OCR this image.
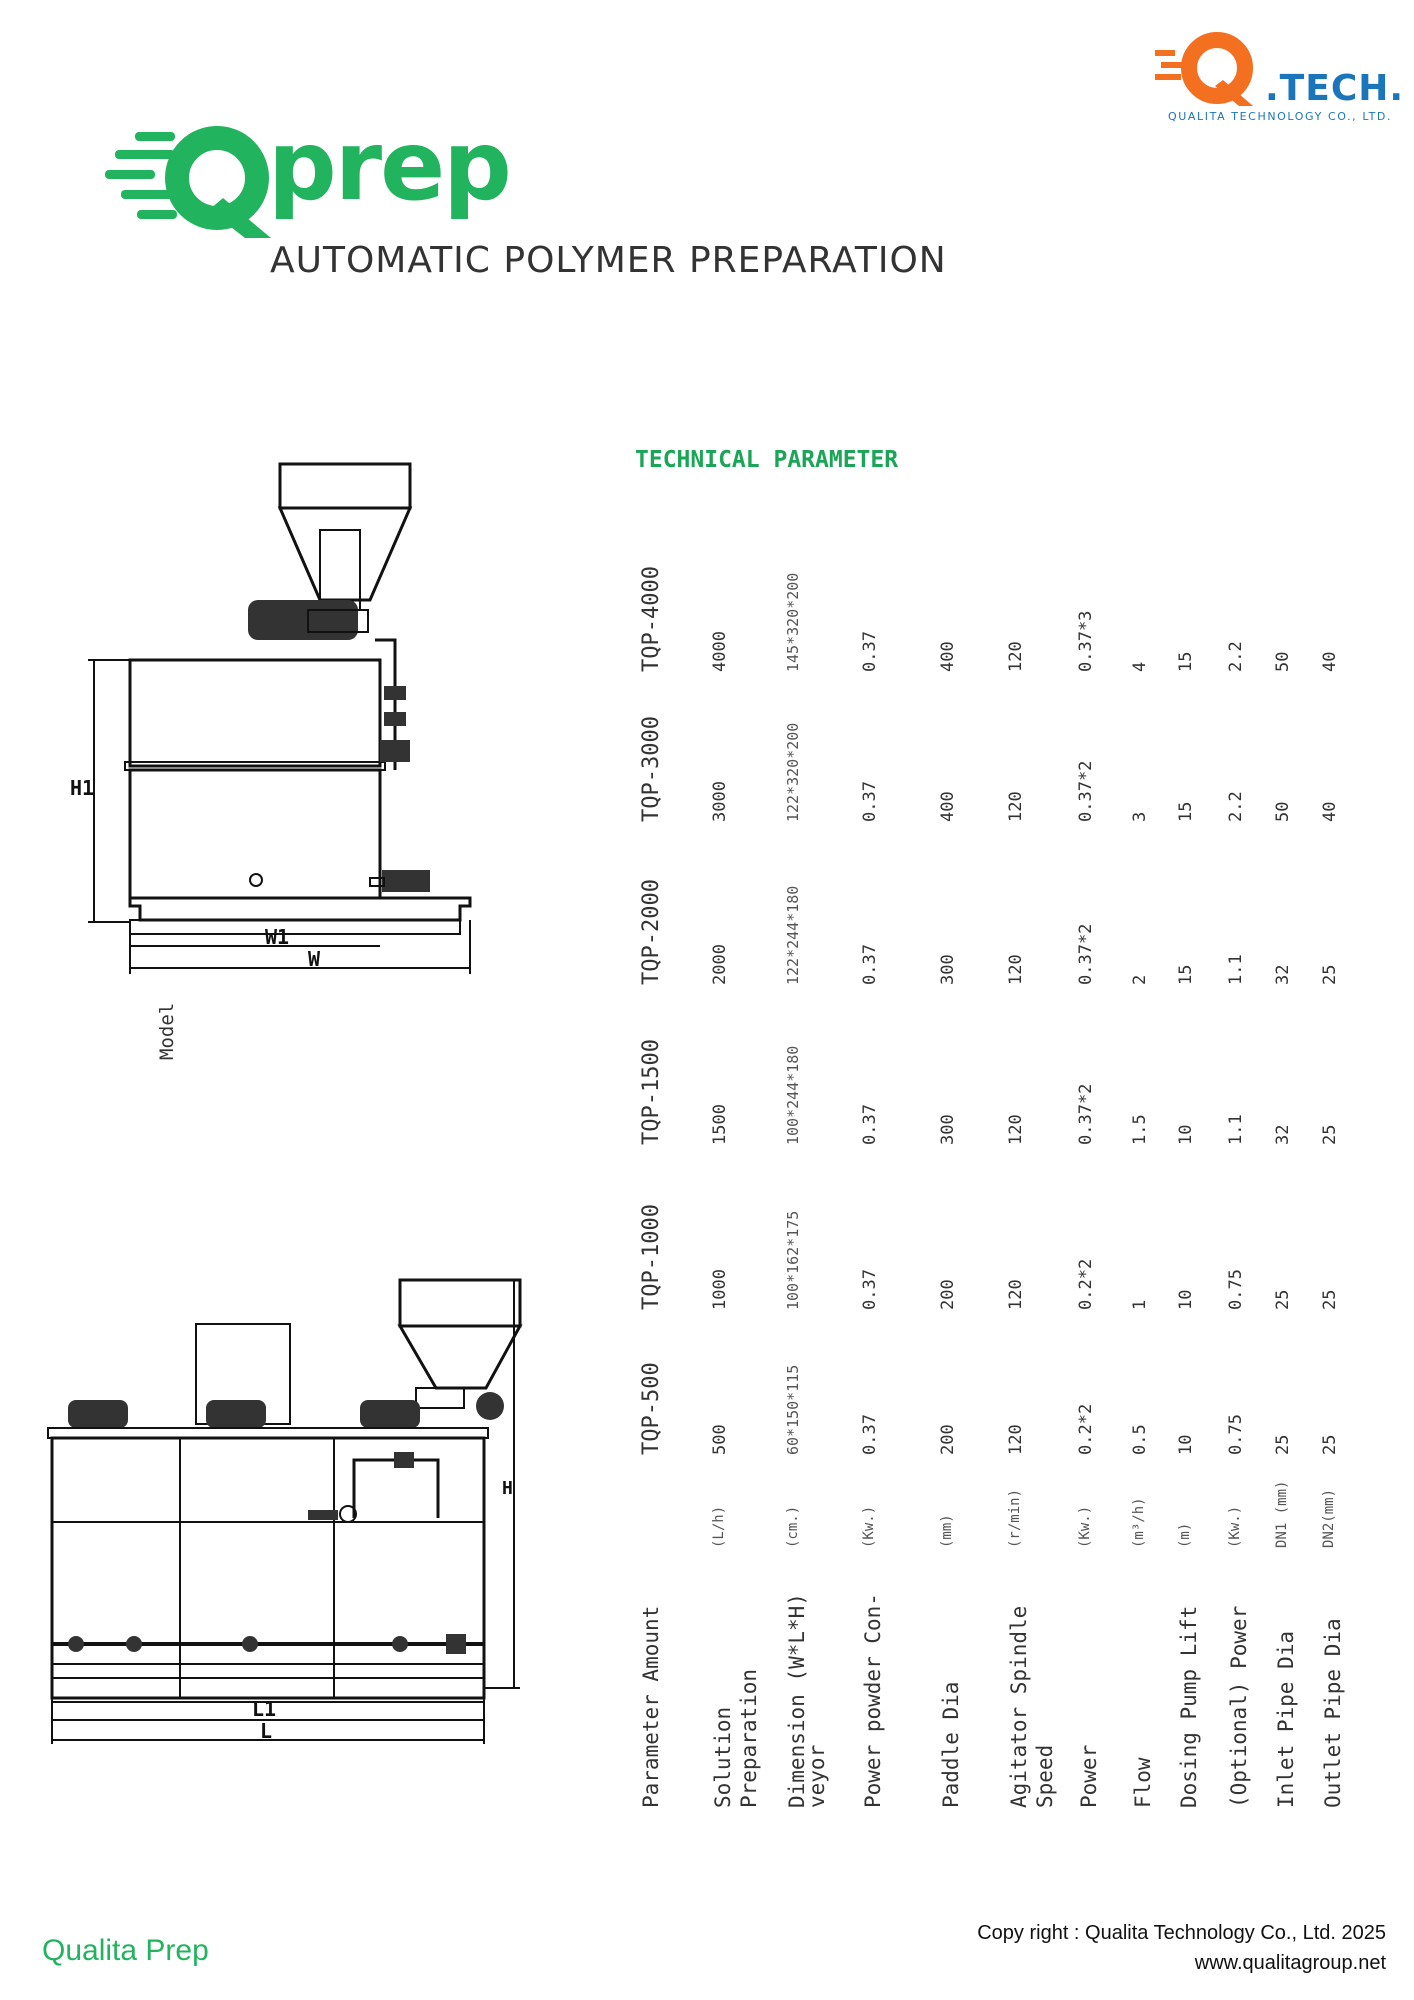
.TECH.
QUALITA TECHNOLOGY CO., LTD.
prep
AUTOMATIC POLYMER PREPARATION
TECHNICAL PARAMETER
H1
W1
W
Model
H
L1
L
TQP-500
TQP-1000
TQP-1500
TQP-2000
TQP-3000
TQP-4000
Parameter Amount Solution Preparation
(L/h)
500
1000
1500
2000
3000
4000
Dimension (W*L*H)
(cm.)
60*150*115
100*162*175
100*244*180
122*244*180
122*320*200
145*320*200
veyor Power powder Con-
(Kw.)
0.37
0.37
0.37
0.37
0.37
0.37
Paddle Dia
(mm)
200
200
300
300
400
400
Agitator Spindle Speed
(r/min)
120
120
120
120
120
120
Power
(Kw.)
0.2*2
0.2*2
0.37*2
0.37*2
0.37*2
0.37*3
Flow
(m³/h)
0.5
1
1.5
2
3
4
Dosing Pump Lift
(m)
10
10
10
15
15
15
(Optional) Power
(Kw.)
0.75
0.75
1.1
1.1
2.2
2.2
Inlet Pipe Dia
DN1 (mm)
25
25
32
32
50
50
Outlet Pipe Dia
DN2(mm)
25
25
25
25
40
40
Qualita Prep
Copy right : Qualita Technology Co., Ltd. 2025
www.qualitagroup.net
